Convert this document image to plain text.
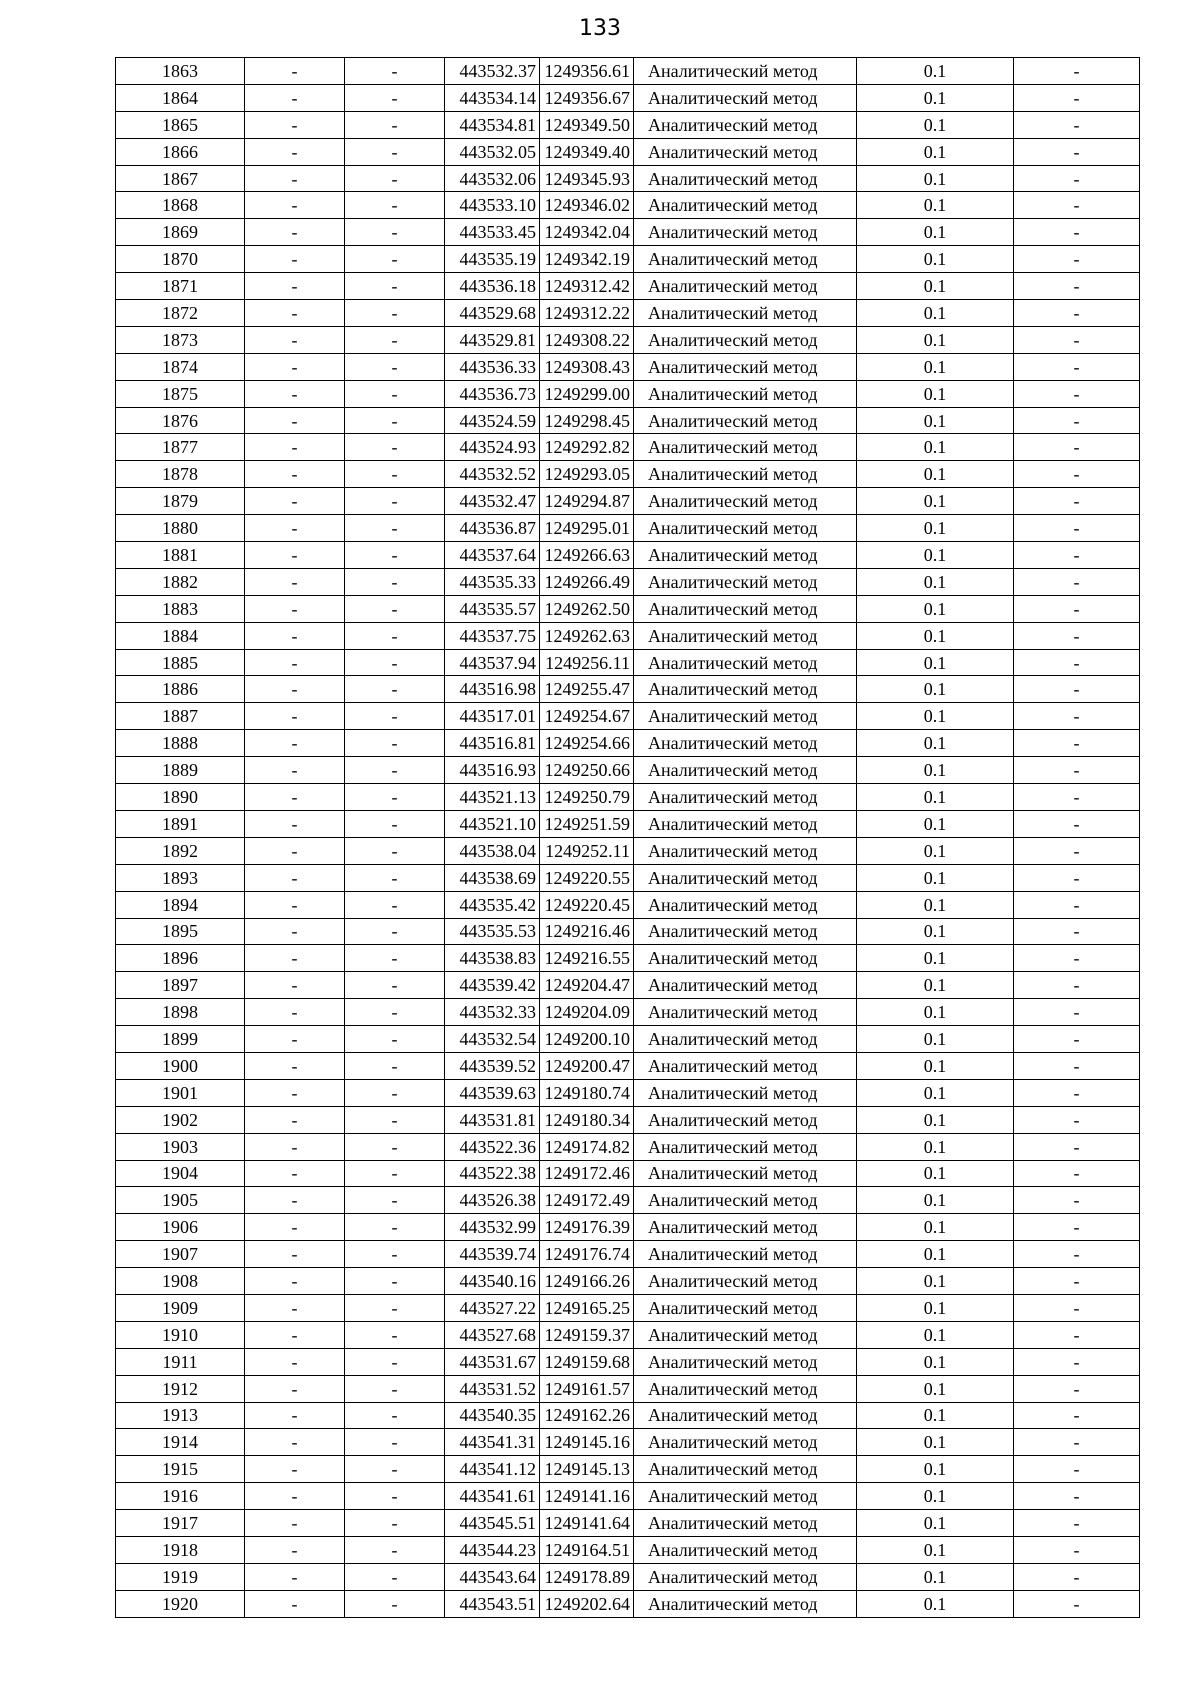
133
1863	-	-	443532.37	1249356.61	Аналитический метод	0.1	-
1864	-	-	443534.14	1249356.67	Аналитический метод	0.1	-
1865	-	-	443534.81	1249349.50	Аналитический метод	0.1	-
1866	-	-	443532.05	1249349.40	Аналитический метод	0.1	-
1867	-	-	443532.06	1249345.93	Аналитический метод	0.1	-
1868	-	-	443533.10	1249346.02	Аналитический метод	0.1	-
1869	-	-	443533.45	1249342.04	Аналитический метод	0.1	-
1870	-	-	443535.19	1249342.19	Аналитический метод	0.1	-
1871	-	-	443536.18	1249312.42	Аналитический метод	0.1	-
1872	-	-	443529.68	1249312.22	Аналитический метод	0.1	-
1873	-	-	443529.81	1249308.22	Аналитический метод	0.1	-
1874	-	-	443536.33	1249308.43	Аналитический метод	0.1	-
1875	-	-	443536.73	1249299.00	Аналитический метод	0.1	-
1876	-	-	443524.59	1249298.45	Аналитический метод	0.1	-
1877	-	-	443524.93	1249292.82	Аналитический метод	0.1	-
1878	-	-	443532.52	1249293.05	Аналитический метод	0.1	-
1879	-	-	443532.47	1249294.87	Аналитический метод	0.1	-
1880	-	-	443536.87	1249295.01	Аналитический метод	0.1	-
1881	-	-	443537.64	1249266.63	Аналитический метод	0.1	-
1882	-	-	443535.33	1249266.49	Аналитический метод	0.1	-
1883	-	-	443535.57	1249262.50	Аналитический метод	0.1	-
1884	-	-	443537.75	1249262.63	Аналитический метод	0.1	-
1885	-	-	443537.94	1249256.11	Аналитический метод	0.1	-
1886	-	-	443516.98	1249255.47	Аналитический метод	0.1	-
1887	-	-	443517.01	1249254.67	Аналитический метод	0.1	-
1888	-	-	443516.81	1249254.66	Аналитический метод	0.1	-
1889	-	-	443516.93	1249250.66	Аналитический метод	0.1	-
1890	-	-	443521.13	1249250.79	Аналитический метод	0.1	-
1891	-	-	443521.10	1249251.59	Аналитический метод	0.1	-
1892	-	-	443538.04	1249252.11	Аналитический метод	0.1	-
1893	-	-	443538.69	1249220.55	Аналитический метод	0.1	-
1894	-	-	443535.42	1249220.45	Аналитический метод	0.1	-
1895	-	-	443535.53	1249216.46	Аналитический метод	0.1	-
1896	-	-	443538.83	1249216.55	Аналитический метод	0.1	-
1897	-	-	443539.42	1249204.47	Аналитический метод	0.1	-
1898	-	-	443532.33	1249204.09	Аналитический метод	0.1	-
1899	-	-	443532.54	1249200.10	Аналитический метод	0.1	-
1900	-	-	443539.52	1249200.47	Аналитический метод	0.1	-
1901	-	-	443539.63	1249180.74	Аналитический метод	0.1	-
1902	-	-	443531.81	1249180.34	Аналитический метод	0.1	-
1903	-	-	443522.36	1249174.82	Аналитический метод	0.1	-
1904	-	-	443522.38	1249172.46	Аналитический метод	0.1	-
1905	-	-	443526.38	1249172.49	Аналитический метод	0.1	-
1906	-	-	443532.99	1249176.39	Аналитический метод	0.1	-
1907	-	-	443539.74	1249176.74	Аналитический метод	0.1	-
1908	-	-	443540.16	1249166.26	Аналитический метод	0.1	-
1909	-	-	443527.22	1249165.25	Аналитический метод	0.1	-
1910	-	-	443527.68	1249159.37	Аналитический метод	0.1	-
1911	-	-	443531.67	1249159.68	Аналитический метод	0.1	-
1912	-	-	443531.52	1249161.57	Аналитический метод	0.1	-
1913	-	-	443540.35	1249162.26	Аналитический метод	0.1	-
1914	-	-	443541.31	1249145.16	Аналитический метод	0.1	-
1915	-	-	443541.12	1249145.13	Аналитический метод	0.1	-
1916	-	-	443541.61	1249141.16	Аналитический метод	0.1	-
1917	-	-	443545.51	1249141.64	Аналитический метод	0.1	-
1918	-	-	443544.23	1249164.51	Аналитический метод	0.1	-
1919	-	-	443543.64	1249178.89	Аналитический метод	0.1	-
1920	-	-	443543.51	1249202.64	Аналитический метод	0.1	-
